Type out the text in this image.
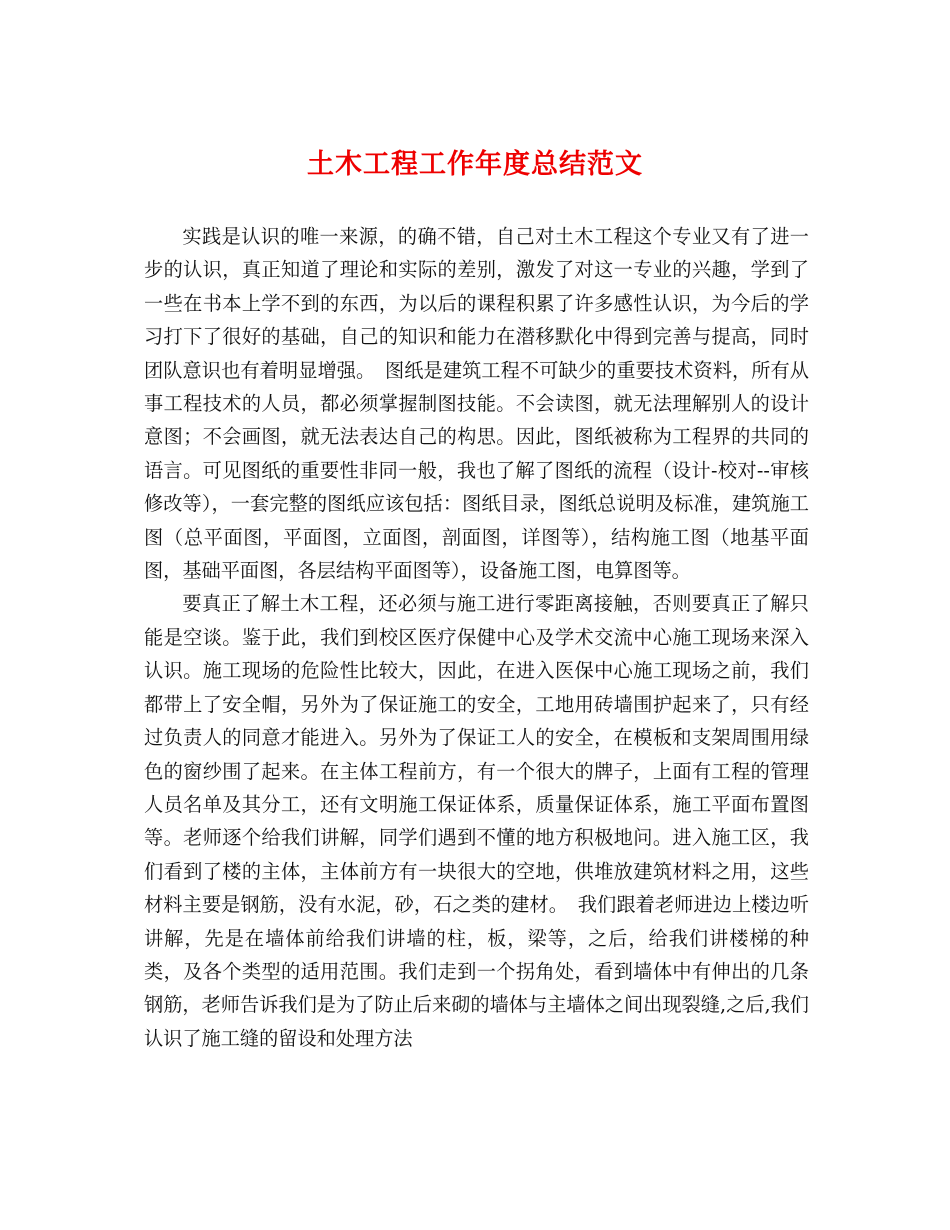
土木工程工作年度总结范文

实践是认识的唯一来源，的确不错，自己对土木工程这个专业又有了进一步的认识，真正知道了理论和实际的差别，激发了对这一专业的兴趣，学到了一些在书本上学不到的东西，为以后的课程积累了许多感性认识，为今后的学习打下了很好的基础，自己的知识和能力在潜移默化中得到完善与提高，同时团队意识也有着明显增强。　图纸是建筑工程不可缺少的重要技术资料，所有从事工程技术的人员，都必须掌握制图技能。不会读图，就无法理解别人的设计意图；不会画图，就无法表达自己的构思。因此，图纸被称为工程界的共同的语言。可见图纸的重要性非同一般，我也了解了图纸的流程（设计-校对--审核修改等），一套完整的图纸应该包括：图纸目录，图纸总说明及标准，建筑施工图（总平面图，平面图，立面图，剖面图，详图等），结构施工图（地基平面图，基础平面图，各层结构平面图等），设备施工图，电算图等。

要真正了解土木工程，还必须与施工进行零距离接触，否则要真正了解只能是空谈。鉴于此，我们到校区医疗保健中心及学术交流中心施工现场来深入认识。施工现场的危险性比较大，因此，在进入医保中心施工现场之前，我们都带上了安全帽，另外为了保证施工的安全，工地用砖墙围护起来了，只有经过负责人的同意才能进入。另外为了保证工人的安全，在模板和支架周围用绿色的窗纱围了起来。在主体工程前方，有一个很大的牌子，上面有工程的管理人员名单及其分工，还有文明施工保证体系，质量保证体系，施工平面布置图等。老师逐个给我们讲解，同学们遇到不懂的地方积极地问。进入施工区，我们看到了楼的主体，主体前方有一块很大的空地，供堆放建筑材料之用，这些材料主要是钢筋，没有水泥，砂，石之类的建材。　我们跟着老师进边上楼边听讲解，先是在墙体前给我们讲墙的柱，板，梁等，之后，给我们讲楼梯的种类，及各个类型的适用范围。我们走到一个拐角处，看到墙体中有伸出的几条钢筋，老师告诉我们是为了防止后来砌的墙体与主墙体之间出现裂缝,之后,我们认识了施工缝的留设和处理方法
